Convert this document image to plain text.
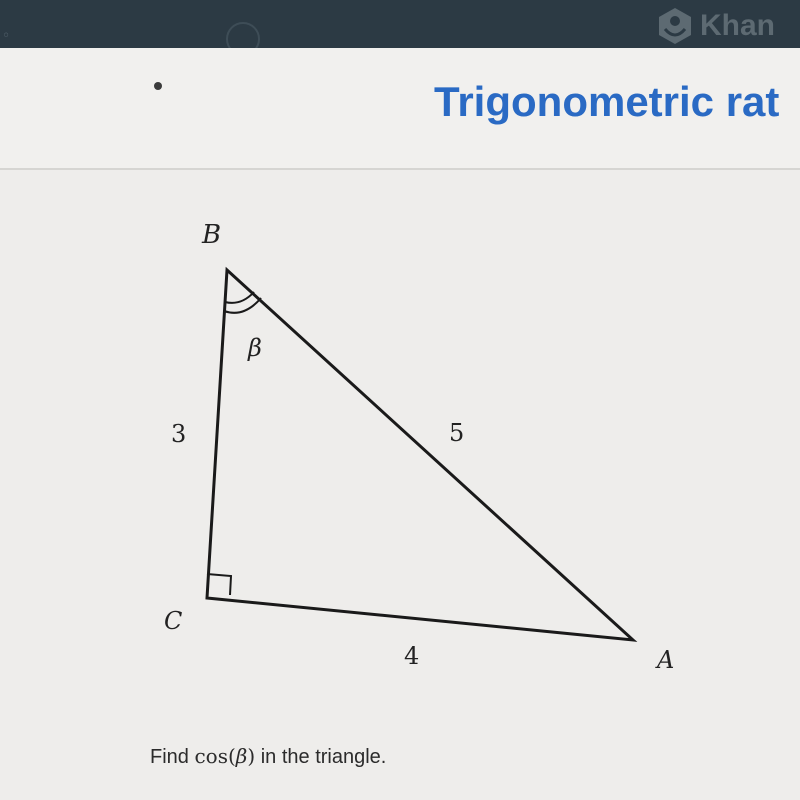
◦	Khan
Trigonometric rat
B
C
A
β
3	5
4
Find cos(β) in the triangle.
